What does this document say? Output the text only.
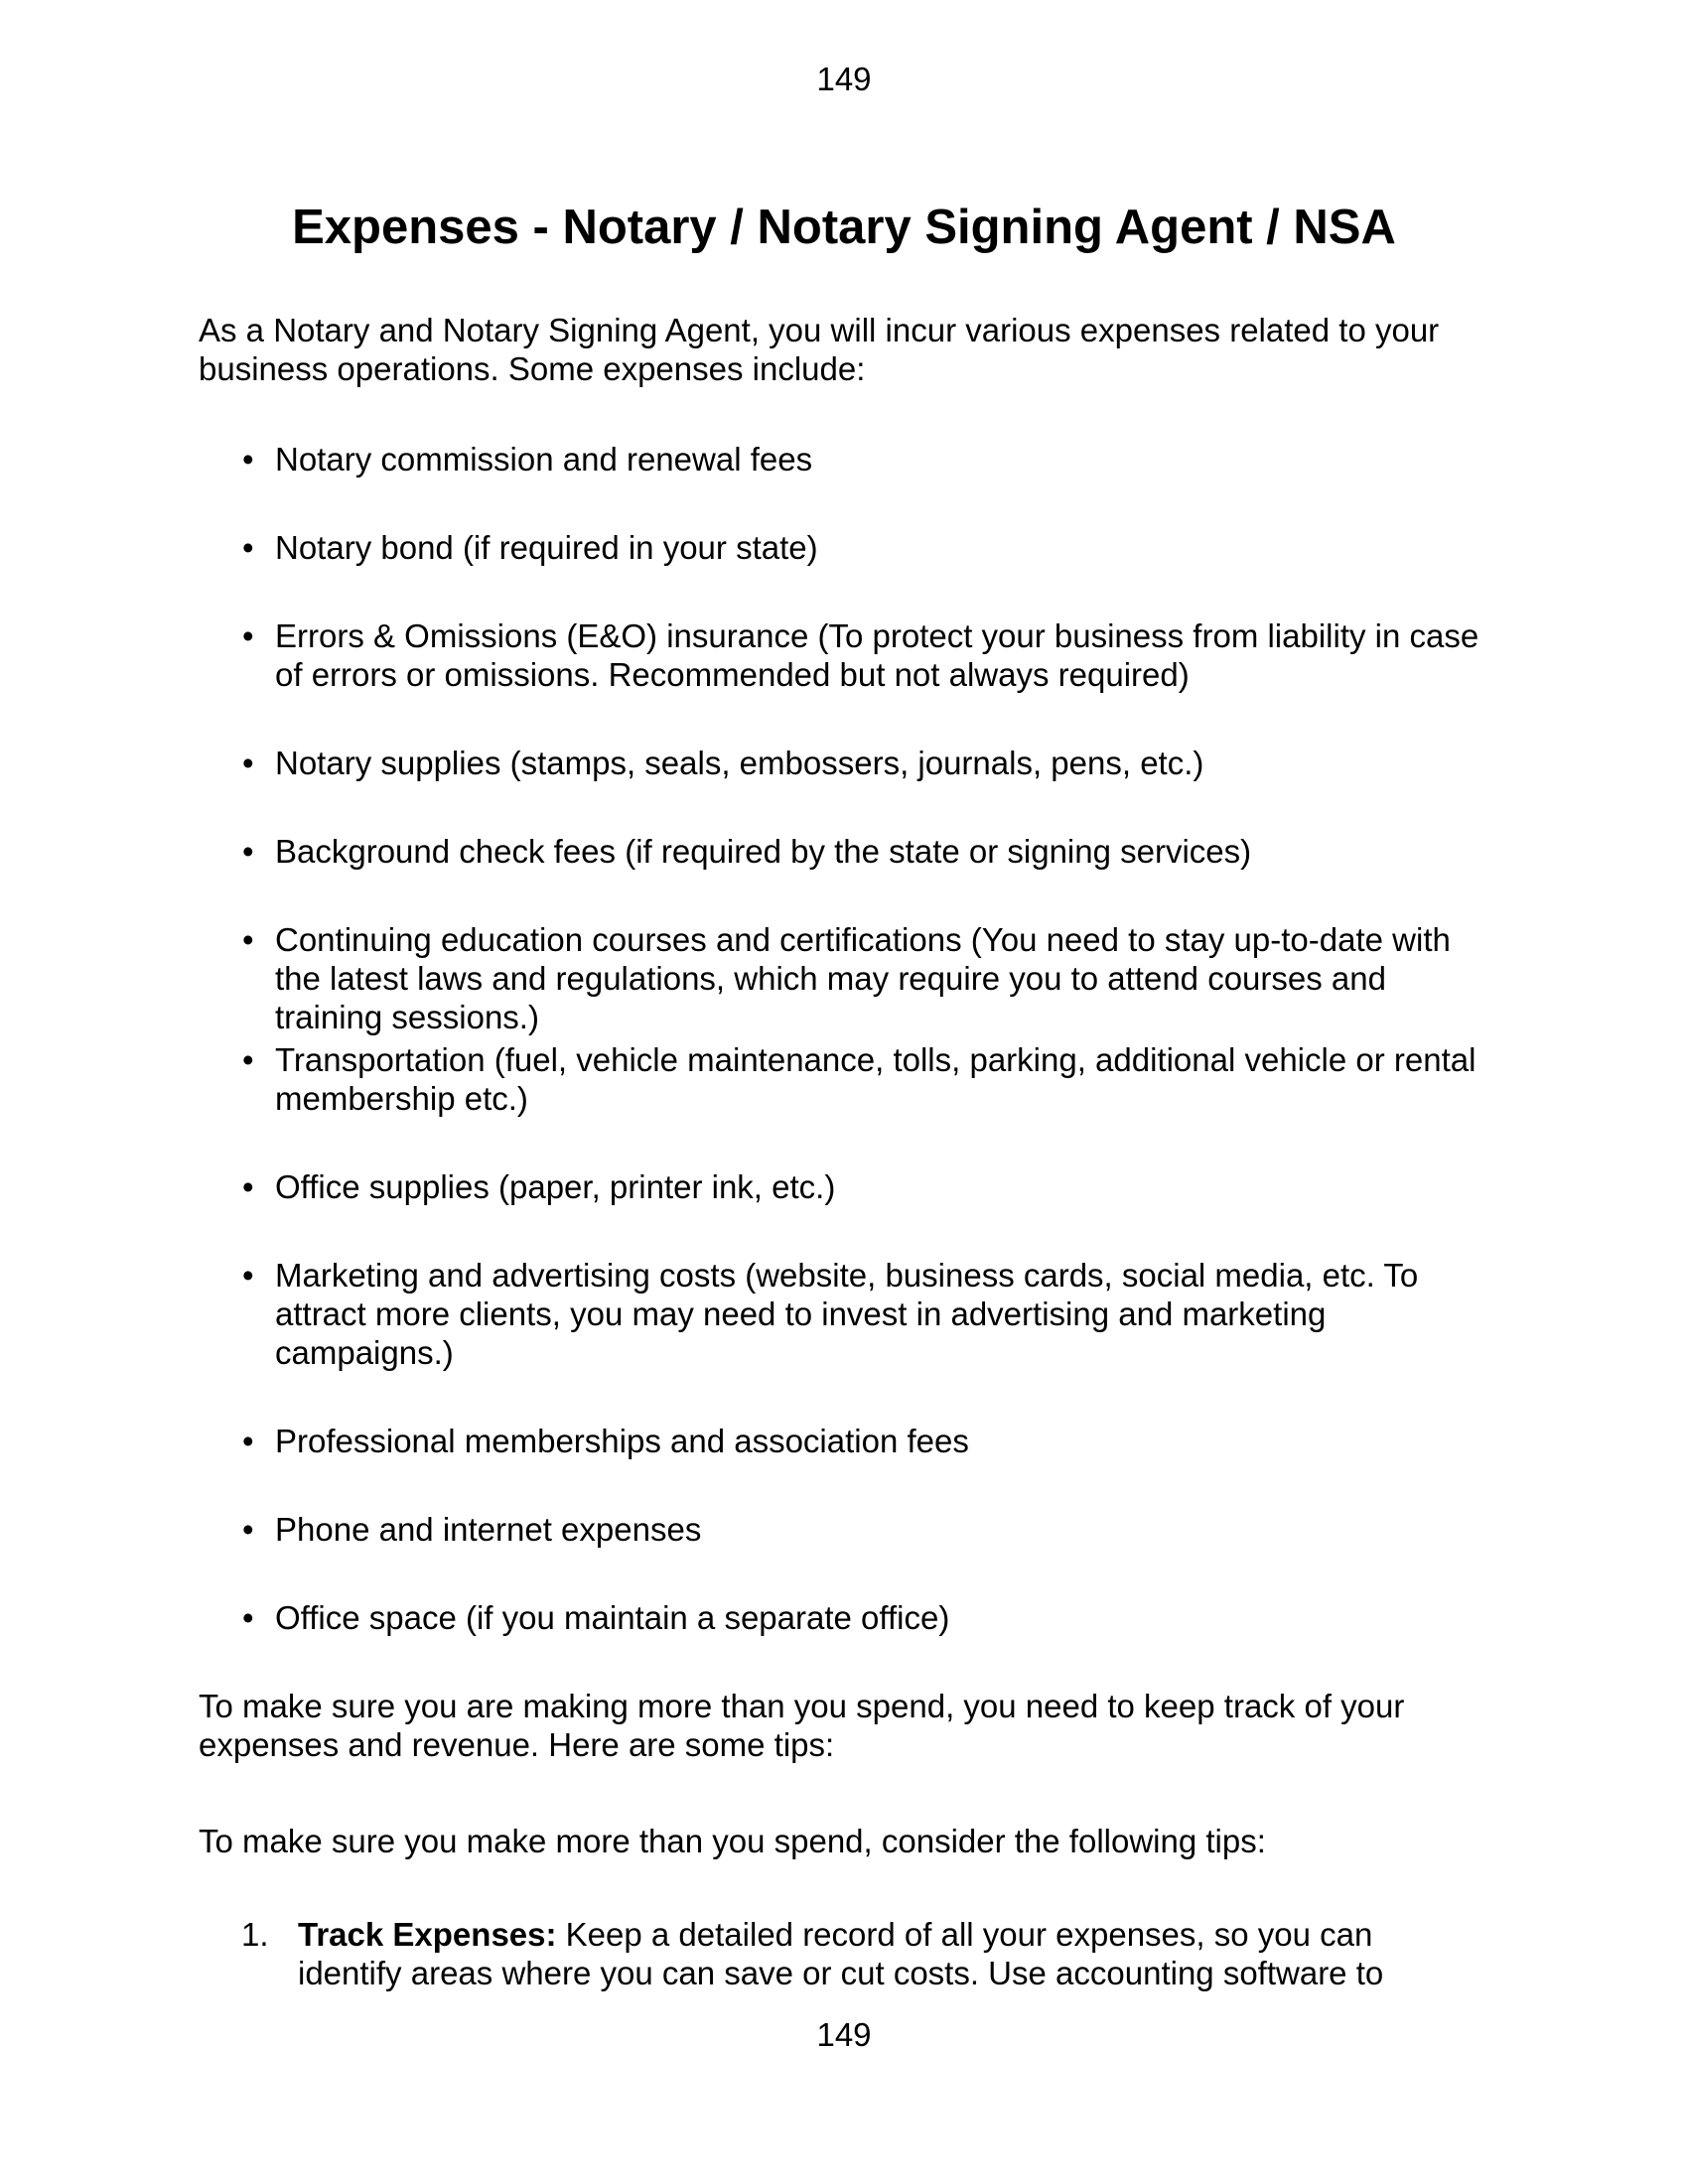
149
Expenses - Notary / Notary Signing Agent / NSA

As a Notary and Notary Signing Agent, you will incur various expenses related to your business operations. Some expenses include:

• Notary commission and renewal fees
• Notary bond (if required in your state)
• Errors & Omissions (E&O) insurance (To protect your business from liability in case of errors or omissions. Recommended but not always required)
• Notary supplies (stamps, seals, embossers, journals, pens, etc.)
• Background check fees (if required by the state or signing services)
• Continuing education courses and certifications (You need to stay up-to-date with the latest laws and regulations, which may require you to attend courses and training sessions.)
• Transportation (fuel, vehicle maintenance, tolls, parking, additional vehicle or rental membership etc.)
• Office supplies (paper, printer ink, etc.)
• Marketing and advertising costs (website, business cards, social media, etc. To attract more clients, you may need to invest in advertising and marketing campaigns.)
• Professional memberships and association fees
• Phone and internet expenses
• Office space (if you maintain a separate office)

To make sure you are making more than you spend, you need to keep track of your expenses and revenue. Here are some tips:

To make sure you make more than you spend, consider the following tips:

1. Track Expenses: Keep a detailed record of all your expenses, so you can identify areas where you can save or cut costs. Use accounting software to
149
